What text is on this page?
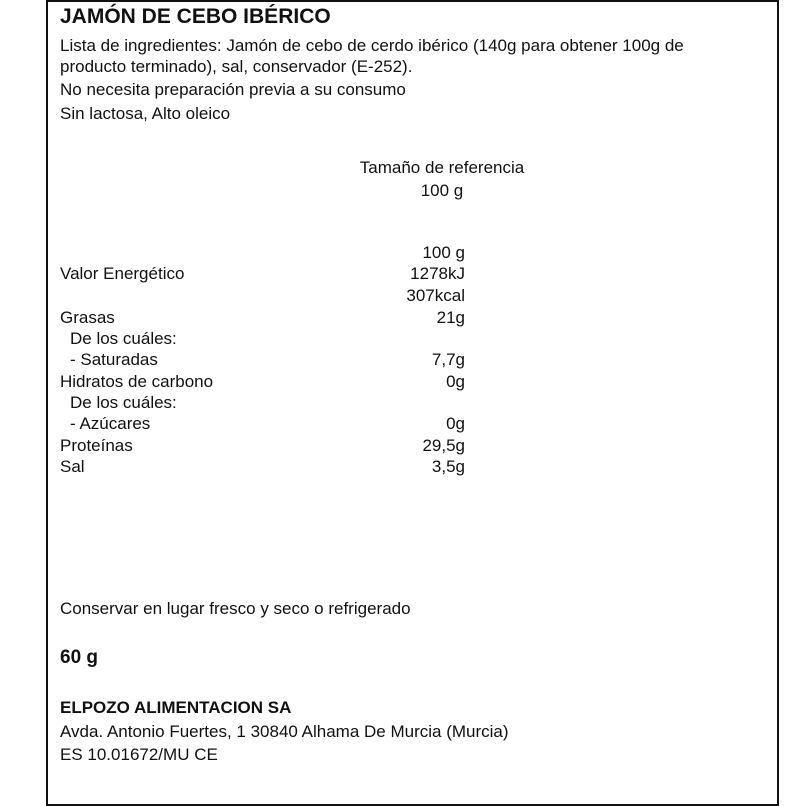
JAMÓN DE CEBO IBÉRICO
Lista de ingredientes: Jamón de cebo de cerdo ibérico (140g para obtener 100g de
producto terminado), sal, conservador (E-252).
No necesita preparación previa a su consumo
Sin lactosa, Alto oleico
Tamaño de referencia
100 g
100 g
Valor Energético	1278kJ
307kcal
Grasas	21g
De los cuáles:
- Saturadas	7,7g
Hidratos de carbono	0g
De los cuáles:
- Azúcares	0g
Proteínas	29,5g
Sal	3,5g
Conservar en lugar fresco y seco o refrigerado
60 g
ELPOZO ALIMENTACION SA
Avda. Antonio Fuertes, 1 30840 Alhama De Murcia (Murcia)
ES 10.01672/MU CE
